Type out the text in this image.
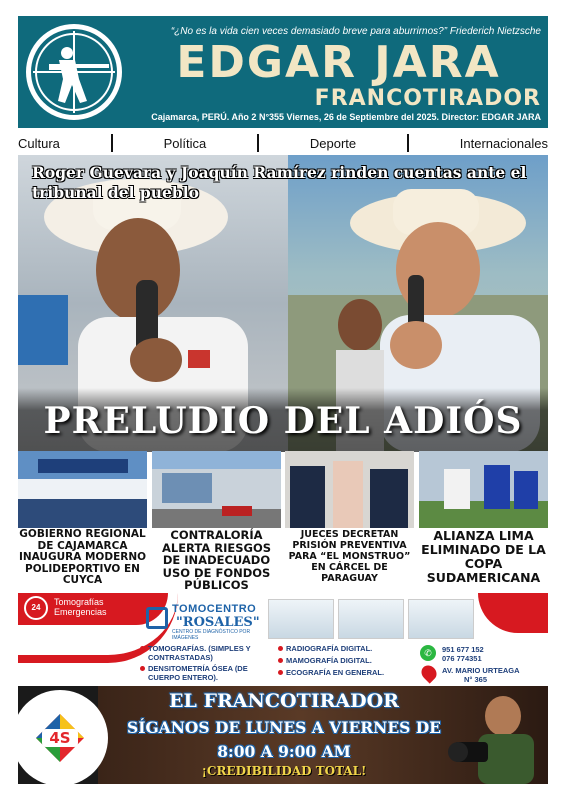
“¿No es la vida cien veces demasiado breve para aburrirnos?” Friederich Nietzsche
EDGAR JARA
FRANCOTIRADOR
Cajamarca, PERÚ. Año 2 N°355 Viernes, 26 de Septiembre del 2025. Director: EDGAR JARA
Cultura	Política	Deporte	Internacionales
Roger Guevara y Joaquín Ramírez rinden cuentas ante el tribunal del pueblo
PRELUDIO DEL ADIÓS
GOBIERNO REGIONAL DE CAJAMARCA INAUGURA MODERNO POLIDEPORTIVO EN CUYCA
CONTRALORÍA ALERTA RIESGOS DE INADECUADO USO DE FONDOS PÚBLICOS
JUECES DECRETAN PRISIÓN PREVENTIVA PARA “EL MONSTRUO” EN CÁRCEL DE PARAGUAY
ALIANZA LIMA ELIMINADO DE LA COPA SUDAMERICANA
24
Tomografías
Emergencias	TOMOCENTRO
"ROSALES"
CENTRO DE DIAGNÓSTICO POR IMÁGENES
TOMOGRAFÍAS. (SIMPLES Y CONTRASTADAS)
DENSITOMETRÍA ÓSEA (DE CUERPO ENTERO).
RADIOGRAFÍA DIGITAL.
MAMOGRAFÍA DIGITAL.
ECOGRAFÍA EN GENERAL.
✆	951 677 152
076 774351
AV. MARIO URTEAGA
N° 365
4S
EL FRANCOTIRADOR
SÍGANOS DE LUNES A VIERNES DE
8:00 A 9:00 AM
¡CREDIBILIDAD TOTAL!
